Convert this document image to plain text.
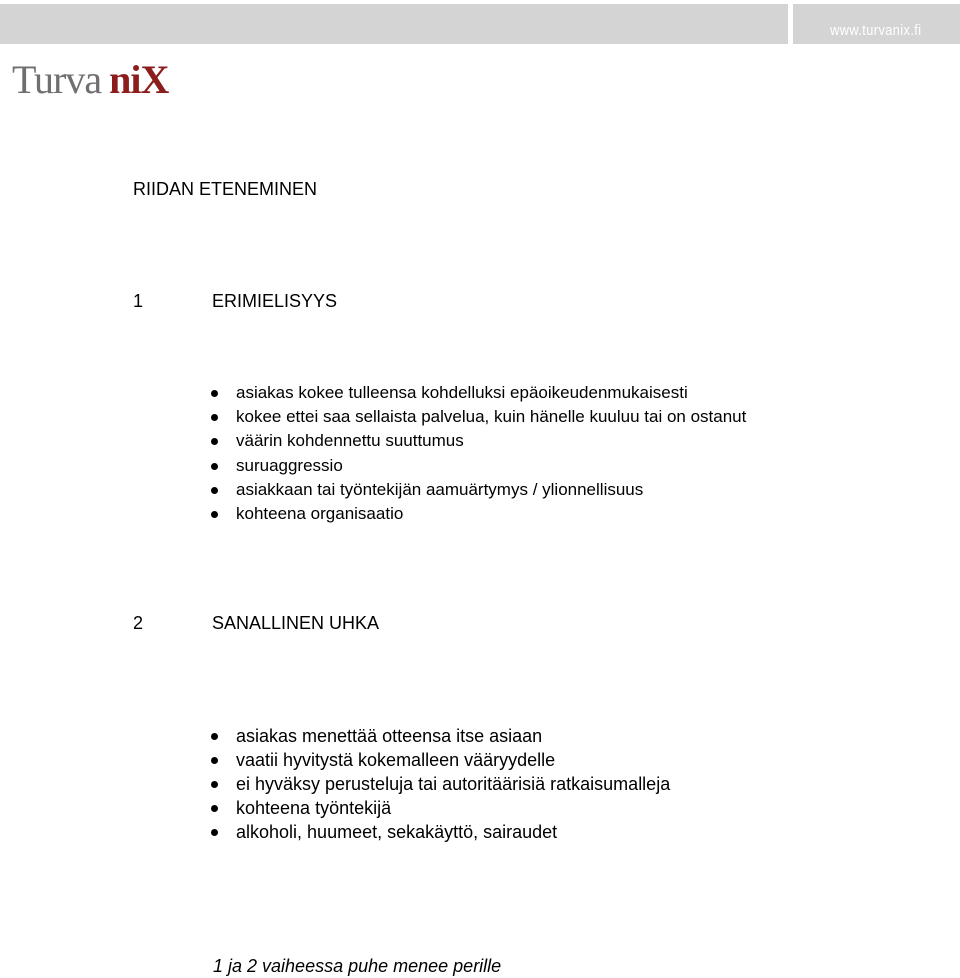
www.turvanix.fi
Turva niX
RIIDAN ETENEMINEN
1	ERIMIELISYYS
asiakas kokee tulleensa kohdelluksi epäoikeudenmukaisesti
kokee ettei saa sellaista palvelua, kuin hänelle kuuluu tai on ostanut
väärin kohdennettu suuttumus
suruaggressio
asiakkaan tai työntekijän aamuärtymys / ylionnellisuus
kohteena organisaatio
2	SANALLINEN UHKA
asiakas menettää otteensa itse asiaan
vaatii hyvitystä kokemalleen vääryydelle
ei hyväksy perusteluja tai autoritäärisiä ratkaisumalleja
kohteena työntekijä
alkoholi, huumeet, sekakäyttö, sairaudet
1 ja 2 vaiheessa puhe menee perille
